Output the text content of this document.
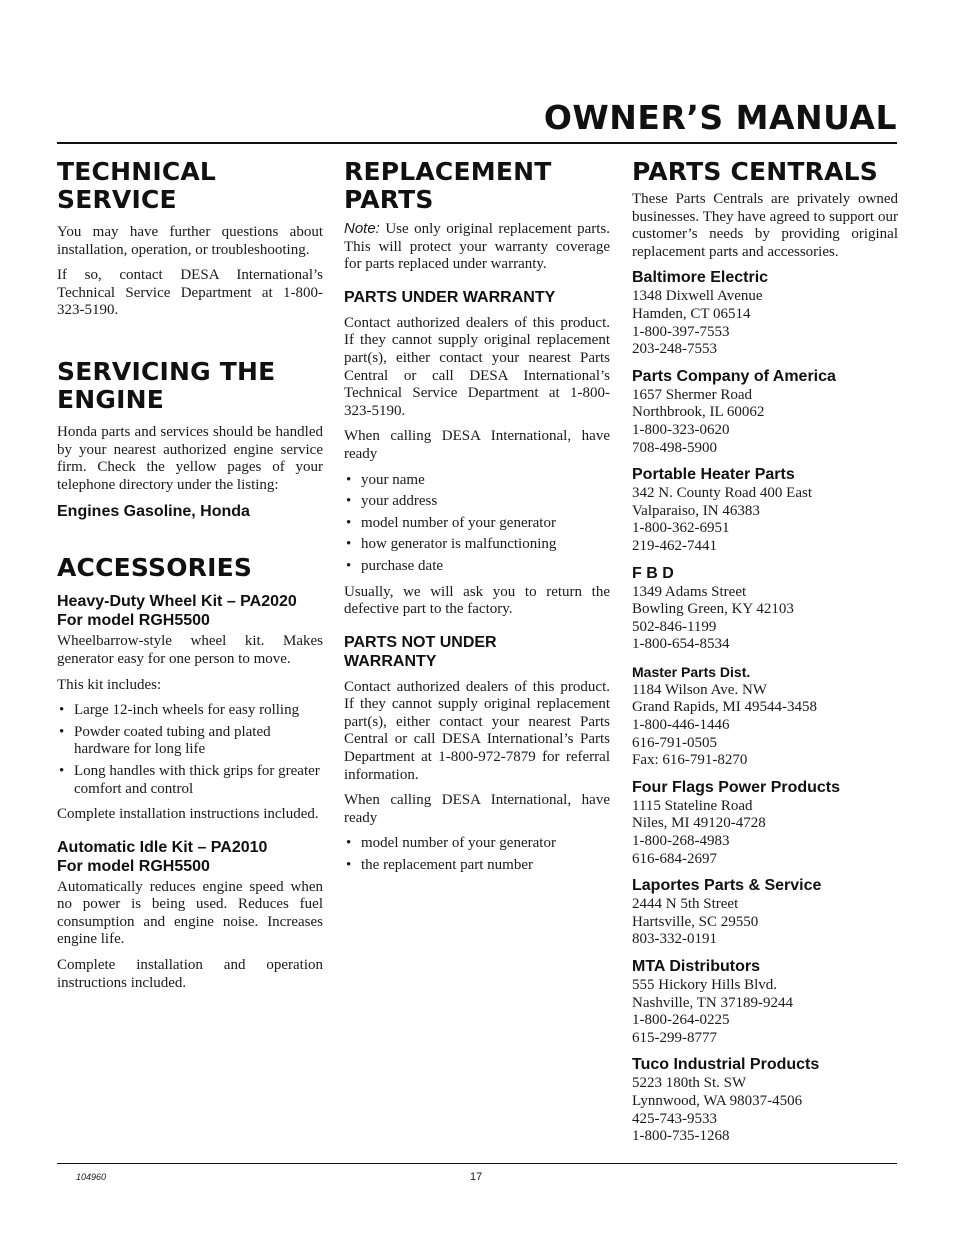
OWNER’S MANUAL
TECHNICAL SERVICE

You may have further questions about installation, operation, or troubleshooting.

If so, contact DESA International’s Technical Service Department at 1-800-323-5190.

SERVICING THE ENGINE

Honda parts and services should be handled by your nearest authorized engine service firm. Check the yellow pages of your telephone directory under the listing:

Engines Gasoline, Honda
ACCESSORIES
Heavy-Duty Wheel Kit – PA2020
For model RGH5500

Wheelbarrow-style wheel kit. Makes generator easy for one person to move.

This kit includes:

• Large 12-inch wheels for easy rolling
• Powder coated tubing and plated hardware for long life
• Long handles with thick grips for greater comfort and control

Complete installation instructions included.

Automatic Idle Kit – PA2010
For model RGH5500

Automatically reduces engine speed when no power is being used. Reduces fuel consumption and engine noise. Increases engine life.

Complete installation and operation instructions included.

REPLACEMENT PARTS

Note: Use only original replacement parts. This will protect your warranty coverage for parts replaced under warranty.

PARTS UNDER WARRANTY

Contact authorized dealers of this product. If they cannot supply original replacement part(s), either contact your nearest Parts Central or call DESA International’s Technical Service Department at 1-800-323-5190.

When calling DESA International, have ready

• your name
• your address
• model number of your generator
• how generator is malfunctioning
• purchase date

Usually, we will ask you to return the defective part to the factory.

PARTS NOT UNDER
WARRANTY

Contact authorized dealers of this product. If they cannot supply original replacement part(s), either contact your nearest Parts Central or call DESA International’s Parts Department at 1-800-972-7879 for referral information.

When calling DESA International, have ready

• model number of your generator
• the replacement part number
PARTS CENTRALS

These Parts Centrals are privately owned businesses. They have agreed to support our customer’s needs by providing original replacement parts and accessories.

Baltimore Electric
1348 Dixwell Avenue
Hamden, CT 06514
1-800-397-7553
203-248-7553
Parts Company of America
1657 Shermer Road
Northbrook, IL 60062
1-800-323-0620
708-498-5900
Portable Heater Parts
342 N. County Road 400 East
Valparaiso, IN 46383
1-800-362-6951
219-462-7441
F B D
1349 Adams Street
Bowling Green, KY 42103
502-846-1199
1-800-654-8534
Master Parts Dist.
1184 Wilson Ave. NW
Grand Rapids, MI 49544-3458
1-800-446-1446
616-791-0505
Fax: 616-791-8270
Four Flags Power Products
1115 Stateline Road
Niles, MI 49120-4728
1-800-268-4983
616-684-2697
Laportes Parts & Service
2444 N 5th Street
Hartsville, SC 29550
803-332-0191
MTA Distributors
555 Hickory Hills Blvd.
Nashville, TN 37189-9244
1-800-264-0225
615-299-8777
Tuco Industrial Products
5223 180th St. SW
Lynnwood, WA 98037-4506
425-743-9533
1-800-735-1268
104960	17
